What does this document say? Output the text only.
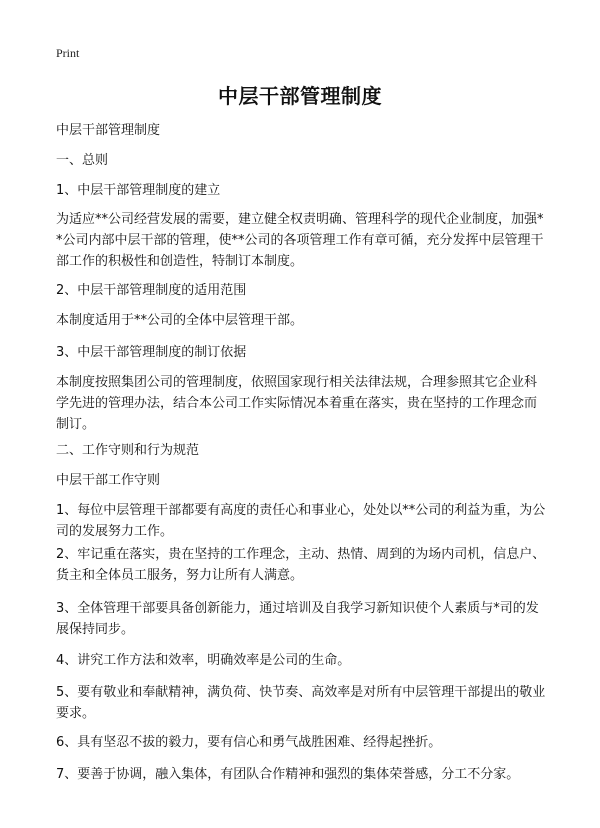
Print
中层干部管理制度
中层干部管理制度
一、总则
1、中层干部管理制度的建立
为适应**公司经营发展的需要，建立健全权责明确、管理科学的现代企业制度，加强**公司内部中层干部的管理，使**公司的各项管理工作有章可循，充分发挥中层管理干部工作的积极性和创造性，特制订本制度。
2、中层干部管理制度的适用范围
本制度适用于**公司的全体中层管理干部。
3、中层干部管理制度的制订依据
本制度按照集团公司的管理制度，依照国家现行相关法律法规，合理参照其它企业科学先进的管理办法，结合本公司工作实际情况本着重在落实，贵在坚持的工作理念而制订。
二、工作守则和行为规范
中层干部工作守则
1、每位中层管理干部都要有高度的责任心和事业心，处处以**公司的利益为重，为公司的发展努力工作。
2、牢记重在落实，贵在坚持的工作理念，主动、热情、周到的为场内司机，信息户、货主和全体员工服务，努力让所有人满意。
3、全体管理干部要具备创新能力，通过培训及自我学习新知识使个人素质与*司的发展保持同步。
4、讲究工作方法和效率，明确效率是公司的生命。
5、要有敬业和奉献精神，满负荷、快节奏、高效率是对所有中层管理干部提出的敬业要求。
6、具有坚忍不拔的毅力，要有信心和勇气战胜困难、经得起挫折。
7、要善于协调，融入集体，有团队合作精神和强烈的集体荣誉感，分工不分家。
